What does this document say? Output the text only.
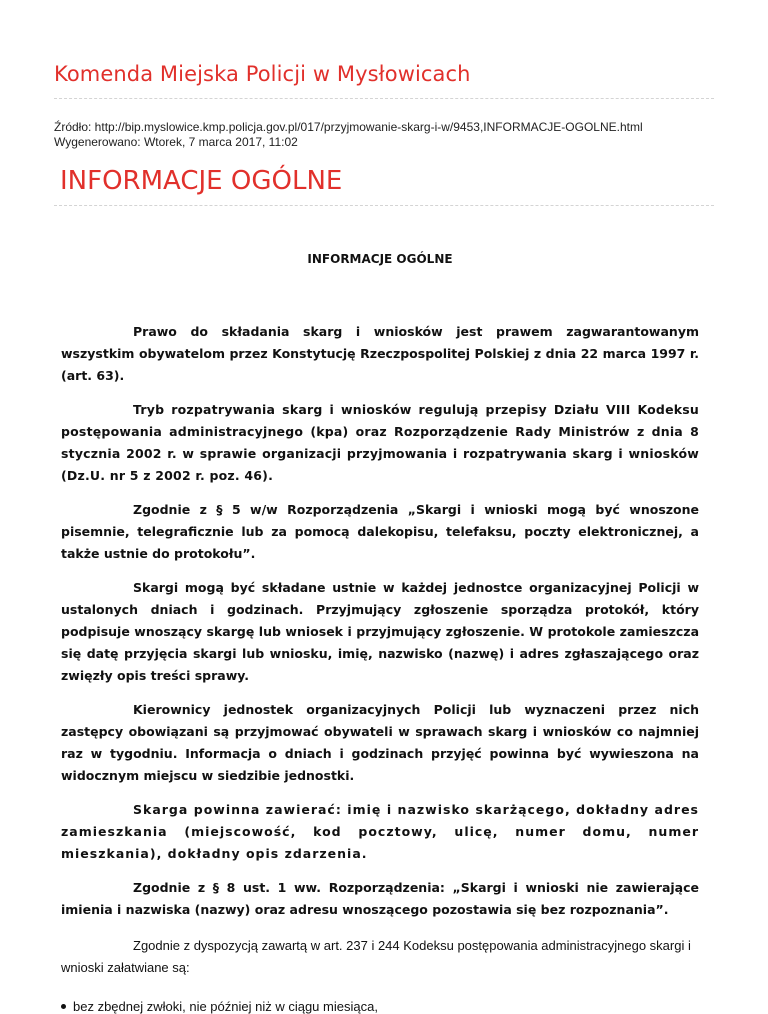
Komenda Miejska Policji w Mysłowicach
Źródło: http://bip.myslowice.kmp.policja.gov.pl/017/przyjmowanie-skarg-i-w/9453,INFORMACJE-OGOLNE.html
Wygenerowano: Wtorek, 7 marca 2017, 11:02
INFORMACJE OGÓLNE

INFORMACJE OGÓLNE

Prawo do składania skarg i wniosków jest prawem zagwarantowanym wszystkim obywatelom przez Konstytucję Rzeczpospolitej Polskiej z dnia 22 marca 1997 r. (art. 63).

Tryb rozpatrywania skarg i wniosków regulują przepisy Działu VIII Kodeksu postępowania administracyjnego (kpa) oraz Rozporządzenie Rady Ministrów z dnia 8 stycznia 2002 r. w sprawie organizacji przyjmowania i rozpatrywania skarg i wniosków (Dz.U. nr 5 z 2002 r. poz. 46).

Zgodnie z § 5 w/w Rozporządzenia „Skargi i wnioski mogą być wnoszone pisemnie, telegraficznie lub za pomocą dalekopisu, telefaksu, poczty elektronicznej, a także ustnie do protokołu”.

Skargi mogą być składane ustnie w każdej jednostce organizacyjnej Policji w ustalonych dniach i godzinach. Przyjmujący zgłoszenie sporządza protokół, który podpisuje wnoszący skargę lub wniosek i przyjmujący zgłoszenie. W protokole zamieszcza się datę przyjęcia skargi lub wniosku, imię, nazwisko (nazwę) i adres zgłaszającego oraz zwięzły opis treści sprawy.

Kierownicy jednostek organizacyjnych Policji lub wyznaczeni przez nich zastępcy obowiązani są przyjmować obywateli w sprawach skarg i wniosków co najmniej raz w tygodniu. Informacja o dniach i godzinach przyjęć powinna być wywieszona na widocznym miejscu w siedzibie jednostki.

Skarga powinna zawierać: imię i nazwisko skarżącego, dokładny adres zamieszkania (miejscowość, kod pocztowy, ulicę, numer domu, numer mieszkania), dokładny opis zdarzenia.

Zgodnie z § 8 ust. 1 ww. Rozporządzenia: „Skargi i wnioski nie zawierające imienia i nazwiska (nazwy) oraz adresu wnoszącego pozostawia się bez rozpoznania”.

Zgodnie z dyspozycją zawartą w art. 237 i 244 Kodeksu postępowania administracyjnego skargi i wnioski załatwiane są:

bez zbędnej zwłoki, nie później niż w ciągu miesiąca,
